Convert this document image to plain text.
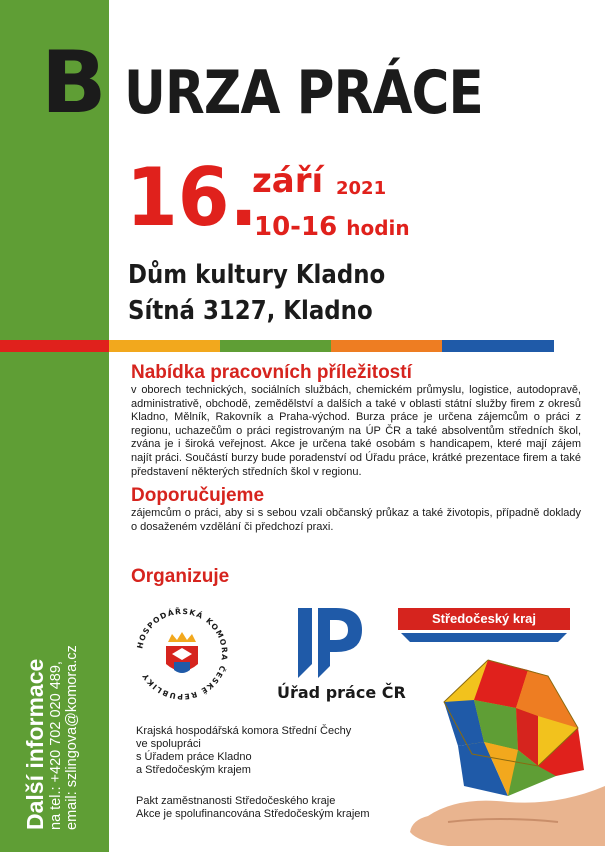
B
Další informace na tel.: +420 702 020 489, email: szlingova@komora.cz
URZA PRÁCE
16.
září 2021
10-16 hodin
Dům kultury Kladno
Sítná 3127, Kladno
Nabídka pracovních příležitostí
v oborech technických, sociálních službách, chemickém průmyslu, logistice, autodopravě, administrativě, obchodě, zemědělství a dalších a také v oblasti státní služby firem z okresů Kladno, Mělník, Rakovník a Praha-východ. Burza práce je určena zájemcům o práci z regionu, uchazečům o práci registrovaným na ÚP ČR a také absolventům středních škol, zvána je i široká veřejnost. Akce je určena také osobám s handicapem, které mají zájem najít práci. Součástí burzy bude poradenství od Úřadu práce, krátké prezentace firem a také představení některých středních škol v regionu.
Doporučujeme
zájemcům o práci, aby si s sebou vzali občanský průkaz a také životopis, případně doklady o dosaženém vzdělání či předchozí praxi.
Organizuje
HOSPODÁŘSKÁ KOMORA ČESKÉ REPUBLIKY
Úřad práce ČR
Středočeský kraj
Krajská hospodářská komora Střední Čechy
ve spolupráci
s Úřadem práce Kladno
a Středočeským krajem
Pakt zaměstnanosti Středočeského kraje
Akce je spolufinancována Středočeským krajem
